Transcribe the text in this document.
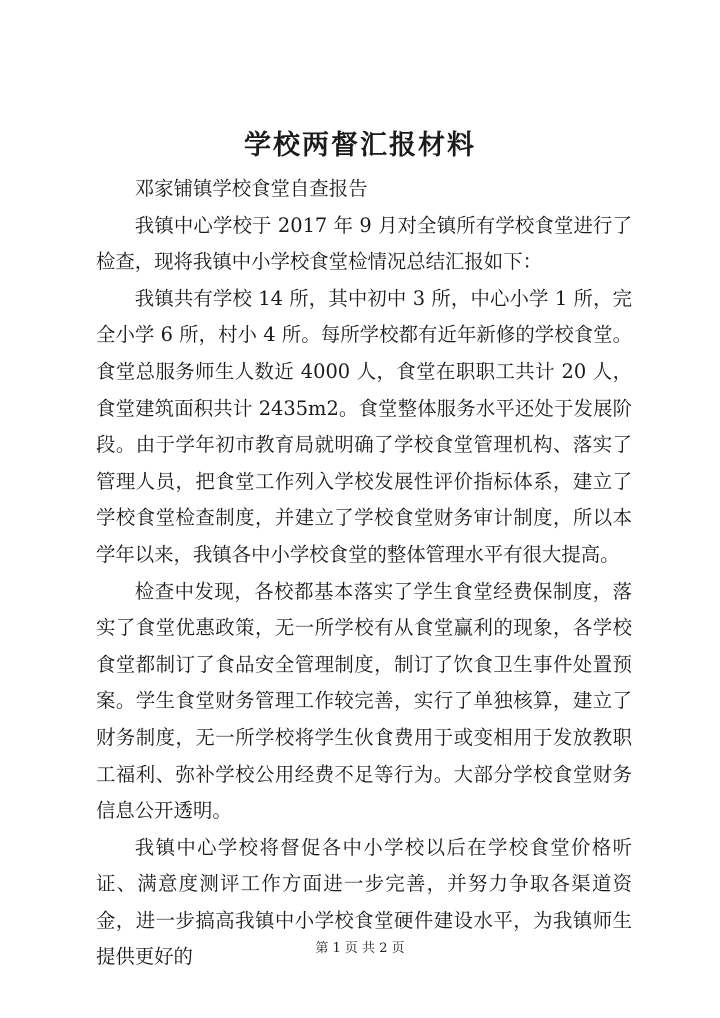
学校两督汇报材料

邓家铺镇学校食堂自查报告

我镇中心学校于 2017 年 9 月对全镇所有学校食堂进行了检查，现将我镇中小学校食堂检情况总结汇报如下：

我镇共有学校 14 所，其中初中 3 所，中心小学 1 所，完全小学 6 所，村小 4 所。每所学校都有近年新修的学校食堂。食堂总服务师生人数近 4000 人，食堂在职职工共计 20 人，食堂建筑面积共计 2435m2。食堂整体服务水平还处于发展阶段。由于学年初市教育局就明确了学校食堂管理机构、落实了管理人员，把食堂工作列入学校发展性评价指标体系，建立了学校食堂检查制度，并建立了学校食堂财务审计制度，所以本学年以来，我镇各中小学校食堂的整体管理水平有很大提高。

检查中发现，各校都基本落实了学生食堂经费保制度，落实了食堂优惠政策，无一所学校有从食堂赢利的现象，各学校食堂都制订了食品安全管理制度，制订了饮食卫生事件处置预案。学生食堂财务管理工作较完善，实行了单独核算，建立了财务制度，无一所学校将学生伙食费用于或变相用于发放教职工福利、弥补学校公用经费不足等行为。大部分学校食堂财务信息公开透明。

我镇中心学校将督促各中小学校以后在学校食堂价格听证、满意度测评工作方面进一步完善，并努力争取各渠道资金，进一步搞高我镇中小学校食堂硬件建设水平，为我镇师生提供更好的	第 1 页 共 2 页
